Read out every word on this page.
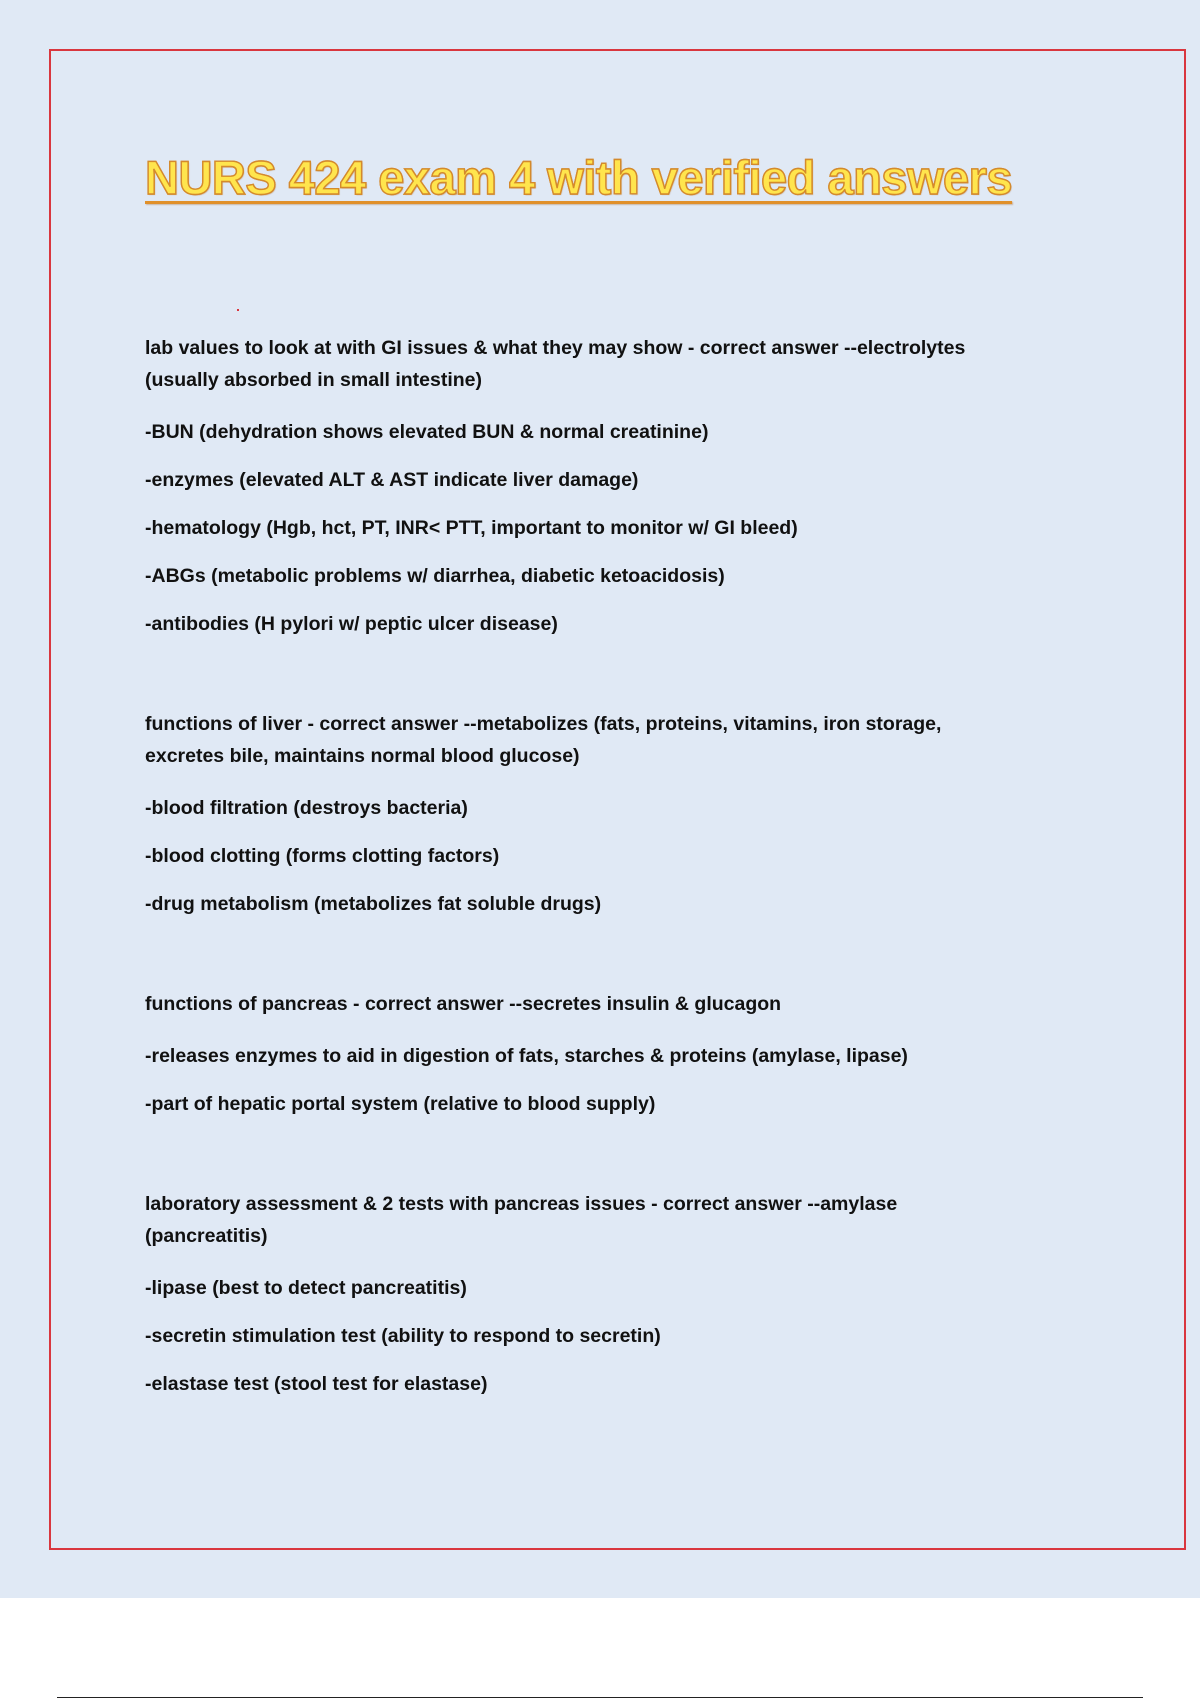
NURS 424 exam 4 with verified answers

lab values to look at with GI issues & what they may show - correct answer --electrolytes

(usually absorbed in small intestine)

-BUN (dehydration shows elevated BUN & normal creatinine)

-enzymes (elevated ALT & AST indicate liver damage)

-hematology (Hgb, hct, PT, INR< PTT, important to monitor w/ GI bleed)

-ABGs (metabolic problems w/ diarrhea, diabetic ketoacidosis)

-antibodies (H pylori w/ peptic ulcer disease)

functions of liver - correct answer --metabolizes (fats, proteins, vitamins, iron storage,

excretes bile, maintains normal blood glucose)

-blood filtration (destroys bacteria)

-blood clotting (forms clotting factors)

-drug metabolism (metabolizes fat soluble drugs)

functions of pancreas - correct answer --secretes insulin & glucagon

-releases enzymes to aid in digestion of fats, starches & proteins (amylase, lipase)

-part of hepatic portal system (relative to blood supply)

laboratory assessment & 2 tests with pancreas issues - correct answer --amylase

(pancreatitis)

-lipase (best to detect pancreatitis)

-secretin stimulation test (ability to respond to secretin)

-elastase test (stool test for elastase)
